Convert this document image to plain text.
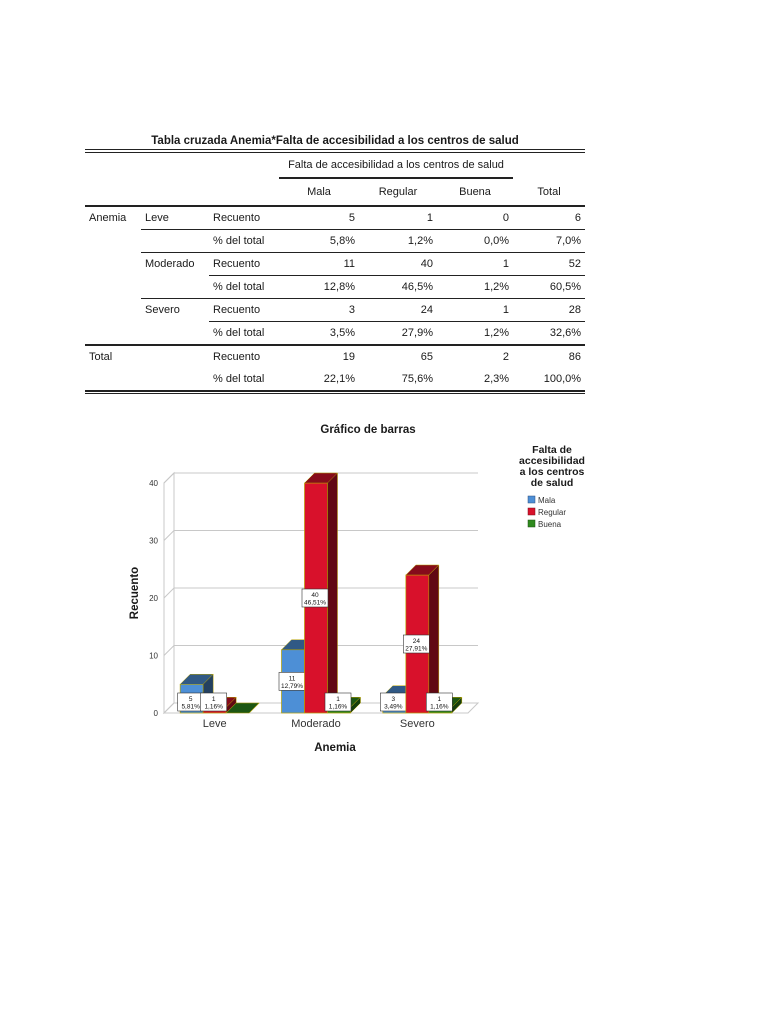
Tabla cruzada Anemia*Falta de accesibilidad a los centros de salud
			Falta de accesibilidad a los centros de salud			
			Mala	Regular	Buena	Total
Anemia	Leve	Recuento	5	1	0	6
		% del total	5,8%	1,2%	0,0%	7,0%
	Moderado	Recuento	11	40	1	52
		% del total	12,8%	46,5%	1,2%	60,5%
	Severo	Recuento	3	24	1	28
		% del total	3,5%	27,9%	1,2%	32,6%
Total		Recuento	19	65	2	86
		% del total	22,1%	75,6%	2,3%	100,0%
Gráfico de barras
0
10
20
30
40
Leve
5
5,81%
1
1,16%
Moderado
11
12,79%
40
46,51%
1
1,16%
Severo
3
3,49%
24
27,91%
1
1,16%
Anemia
Recuento
Falta de
accesibilidad
a los centros
de salud
Mala
Regular
Buena
